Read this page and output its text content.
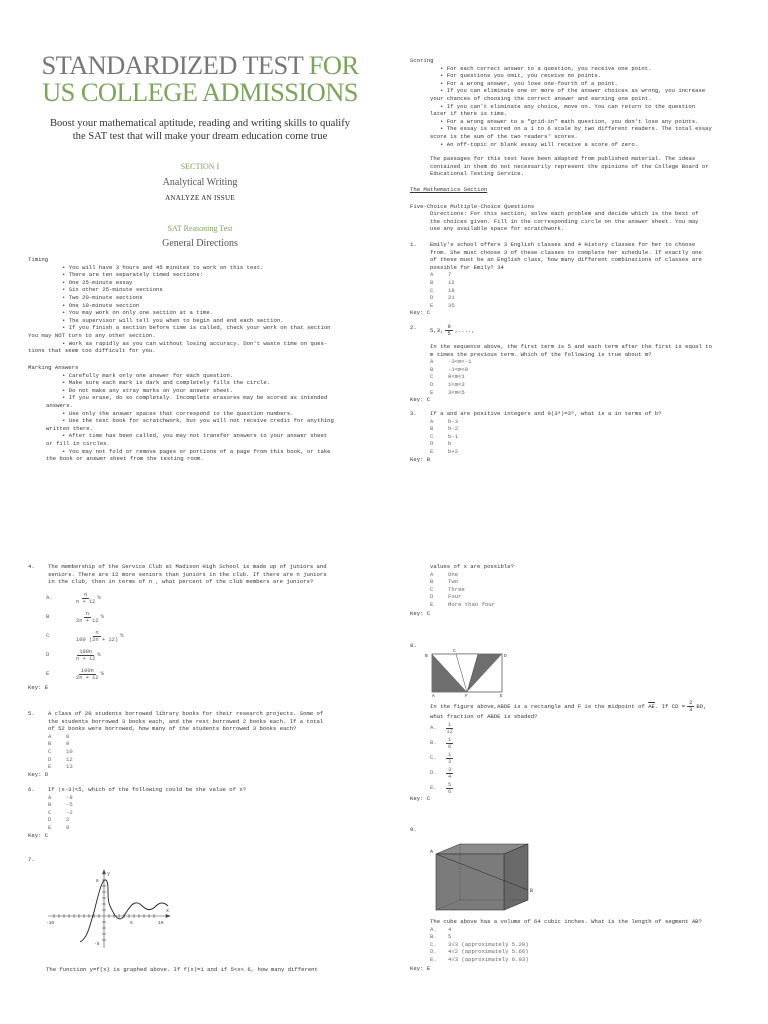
STANDARDIZED TEST FOR
US COLLEGE ADMISSIONS
Boost your mathematical aptitude, reading and writing skills to qualify
the SAT test that will make your dream education come true
SECTION I
Analytical Writing
ANALYZE AN ISSUE
SAT Reasoning Test
General Directions
Timing
• You will have 3 hours and 45 minutes to work on this test.
• There are ten separately timed sections:
• One 25-minute essay
• Six other 25-minute sections
• Two 20-minute sections
• One 10-minute section
• You may work on only one section at a time.
• The supervisor will tell you when to begin and end each section.
• If you finish a section before time is called, check your work on that section
You may NOT turn to any other section.
• Work as rapidly as you can without losing accuracy. Don't waste time on ques-
tions that seem too difficult for you.
Marking Answers
• Carefully mark only one answer for each question.
• Make sure each mark is dark and completely fills the circle.
• Do not make any stray marks on your answer sheet.
• If you erase, do so completely. Incomplete erasures may be scored as intended
answers.
• Use only the answer spaces that correspond to the question numbers.
• Use the test book for scratchwork, but you will not receive credit for anything
written there.
• After time has been called, you may not transfer answers to your answer sheet
or fill in circles.
• You may not fold or remove pages or portions of a page from this book, or take
the book or answer sheet from the testing room.
Scoring
• For each correct answer to a question, you receive one point.
• For questions you omit, you receive no points.
• For a wrong answer, you lose one-fourth of a point.
• If you can eliminate one or more of the answer choices as wrong, you increase
your chances of choosing the correct answer and earning one point.
• If you can't eliminate any choice, move on. You can return to the question
later if there is time.
• For a wrong answer to a "grid-in" math question, you don't lose any points.
• The essay is scored on a 1 to 6 scale by two different readers. The total essay
score is the sum of the two readers' scores.
• An off-topic or blank essay will receive a score of zero.
The passages for this test have been adapted from published material. The ideas
contained in them do not necessarily represent the opinions of the College Board or
Educational Testing Service.
The Mathematics Section
Five-Choice Multiple-Choice Questions
Directions: For this section, solve each problem and decide which is the best of
the choices given. Fill in the corresponding circle on the answer sheet. You may
use any available space for scratchwork.
1.	Emily's school offers 3 English classes and 4 History classes for her to choose
from. She must choose 3 of these classes to complete her schedule. If exactly one
of these must be an English class, how many different combinations of classes are
possible for Emily? 34
A	7
B	12
C	18
D	21
E	35
Key: C
2.	5,3, $\frac{9}{5}$ ,....,
In the sequence above, the first term is 5 and each term after the first is equal to
m times the previous term. Which of the following is true about m?
A	-3<m<-1
B	-1<m<0
C	0<m<1
D	1<m<3
E	3<m<5
Key: C
3.	If a and are positive integers and 9(3ᵃ)=3ᵇ, what is a in terms of b?
A	b-3
B	b-2
C	b-1
D	b
E	b+2
Key: B
4.	The membership of the Service Club at Madison High School is made up of juniors and
seniors. There are 12 more seniors than juniors in the club. If there are n juniors
in the club, then in terms of n , what percent of the club members are juniors?
A.	$\frac{n}{n + 12}$ %
B	$\frac{n}{2n + 12}$ %
C	$\frac{n}{100 (2n + 12)}$ %
D	$\frac{100n}{n + 12}$ %
E	$\frac{100n}{2n + 12}$ %
Key: E
5.	A class of 20 students borrowed library books for their research projects. Some of
the students borrowed 3 books each, and the rest borrowed 2 books each. If a total
of 52 books were borrowed, how many of the students borrowed 3 books each?
A	8
B	9
C	10
D	12
E	13
Key: D
6.	If |x-3|<5, which of the following could be the value of x?
A	-8
B	-5
C	-2
D	2
E	8
Key: C
7.
y
x
-10	10
5
8
-8
The function y=f(x) is graphed above. If f(x)=1 and if 5<x< 6, how many different
values of x are possible?
A	One
B	Two
C	Three
D	Four
E	More than four
Key: C
8.
B
C
D
A	F	E
In the figure above,ABDE is a rectangle and F is the midpoint of $\overline{AE}$. If CD = $\frac{2}{3}$ BD,
what fraction of ABDE is shaded?
A.	$\frac{1}{12}$
B.	$\frac{1}{6}$
C.	$\frac{1}{3}$
D.	$\frac{3}{4}$
E.	$\frac{5}{6}$
Key: C
9.
A
B
The cube above has a volume of 64 cubic inches. What is the length of segment AB?
A.	4
B.	5
C.	3√3 (approximately 5.20)
D.	4√2 (approximately 5.66)
E.	4√3 (approximately 6.93)
Key: E
